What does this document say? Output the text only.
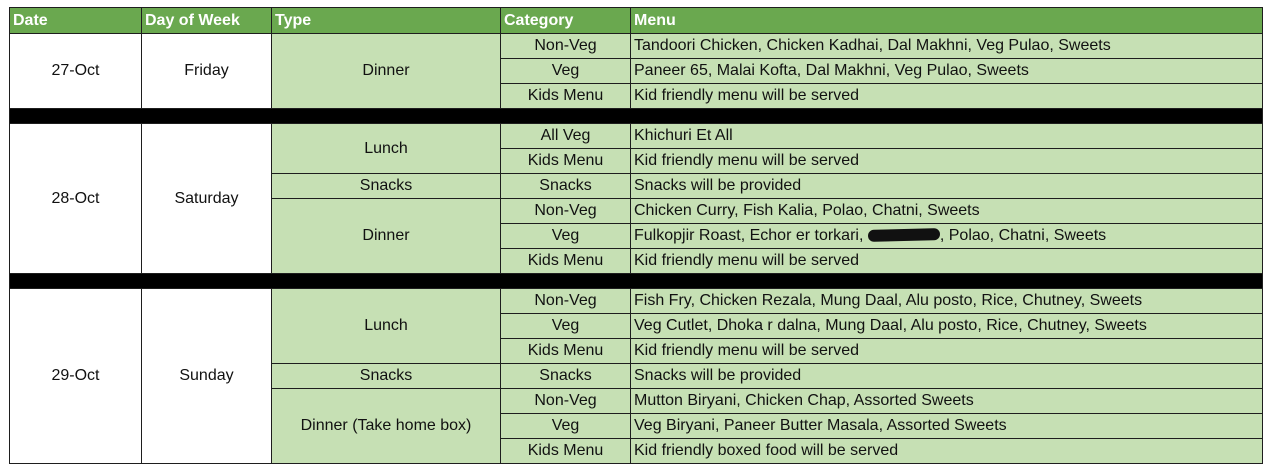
Date	Day of Week	Type	Category	Menu
27-Oct	Friday	Dinner	Non-Veg	Tandoori Chicken, Chicken Kadhai, Dal Makhni, Veg Pulao, Sweets
			Veg	Paneer 65, Malai Kofta, Dal Makhni, Veg Pulao, Sweets
			Kids Menu	Kid friendly menu will be served

28-Oct	Saturday	Lunch	All Veg	Khichuri Et All
			Kids Menu	Kid friendly menu will be served
		Snacks	Snacks	Snacks will be provided
		Dinner	Non-Veg	Chicken Curry, Fish Kalia, Polao, Chatni, Sweets
			Veg	Fulkopjir Roast, Echor er torkari, , Polao, Chatni, Sweets
			Kids Menu	Kid friendly menu will be served

29-Oct	Sunday	Lunch	Non-Veg	Fish Fry, Chicken Rezala, Mung Daal, Alu posto, Rice, Chutney, Sweets
			Veg	Veg Cutlet, Dhoka r dalna, Mung Daal, Alu posto, Rice, Chutney, Sweets
			Kids Menu	Kid friendly menu will be served
		Snacks	Snacks	Snacks will be provided
		Dinner (Take home box)	Non-Veg	Mutton Biryani, Chicken Chap, Assorted Sweets
			Veg	Veg Biryani, Paneer Butter Masala, Assorted Sweets
			Kids Menu	Kid friendly boxed food will be served
